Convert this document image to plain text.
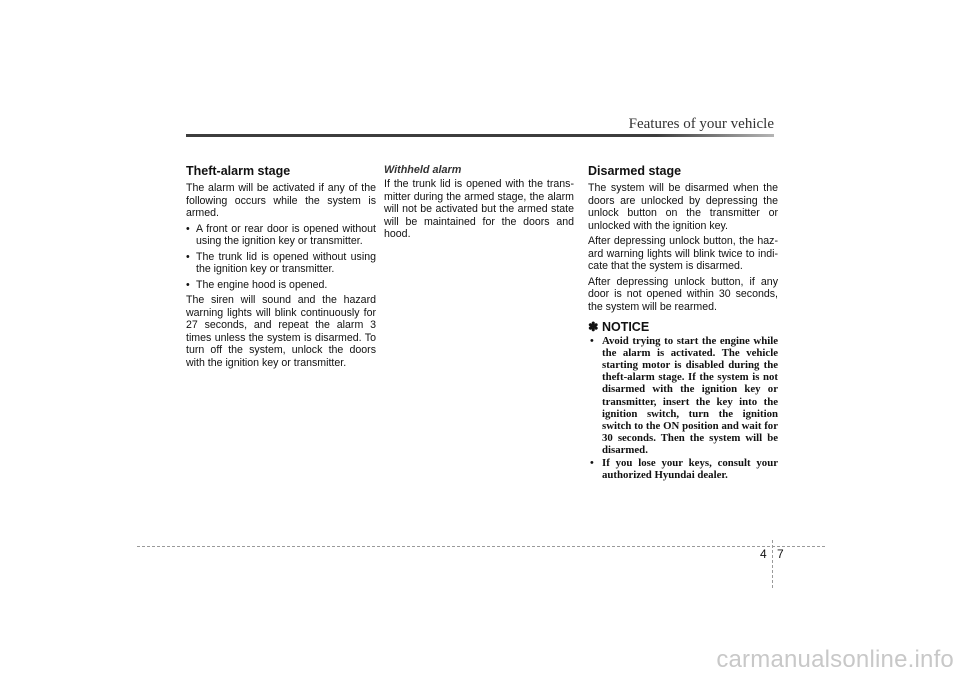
Features of your vehicle
Theft-alarm stage

The alarm will be activated if any of the following occurs while the system is armed.

• A front or rear door is opened without using the ignition key or transmitter.
• The trunk lid is opened without using the ignition key or transmitter.
• The engine hood is opened.

The siren will sound and the hazard warning lights will blink continuously for 27 seconds, and repeat the alarm 3 times unless the system is disarmed. To turn off the system, unlock the doors with the ignition key or transmitter.

Withheld alarm

If the trunk lid is opened with the trans- mitter during the armed stage, the alarm will not be activated but the armed state will be maintained for the doors and hood.

Disarmed stage

The system will be disarmed when the doors are unlocked by depressing the unlock button on the transmitter or unlocked with the ignition key.

After depressing unlock button, the haz- ard warning lights will blink twice to indi- cate that the system is disarmed.

After depressing unlock button, if any door is not opened within 30 seconds, the system will be rearmed.

✽ NOTICE
• Avoid trying to start the engine while the alarm is activated. The vehicle starting motor is disabled during the theft-alarm stage. If the system is not disarmed with the ignition key or transmitter, insert the key into the ignition switch, turn the ignition switch to the ON position and wait for 30 seconds. Then the system will be disarmed.
• If you lose your keys, consult your authorized Hyundai dealer.
4 7
carmanualsonline.info
